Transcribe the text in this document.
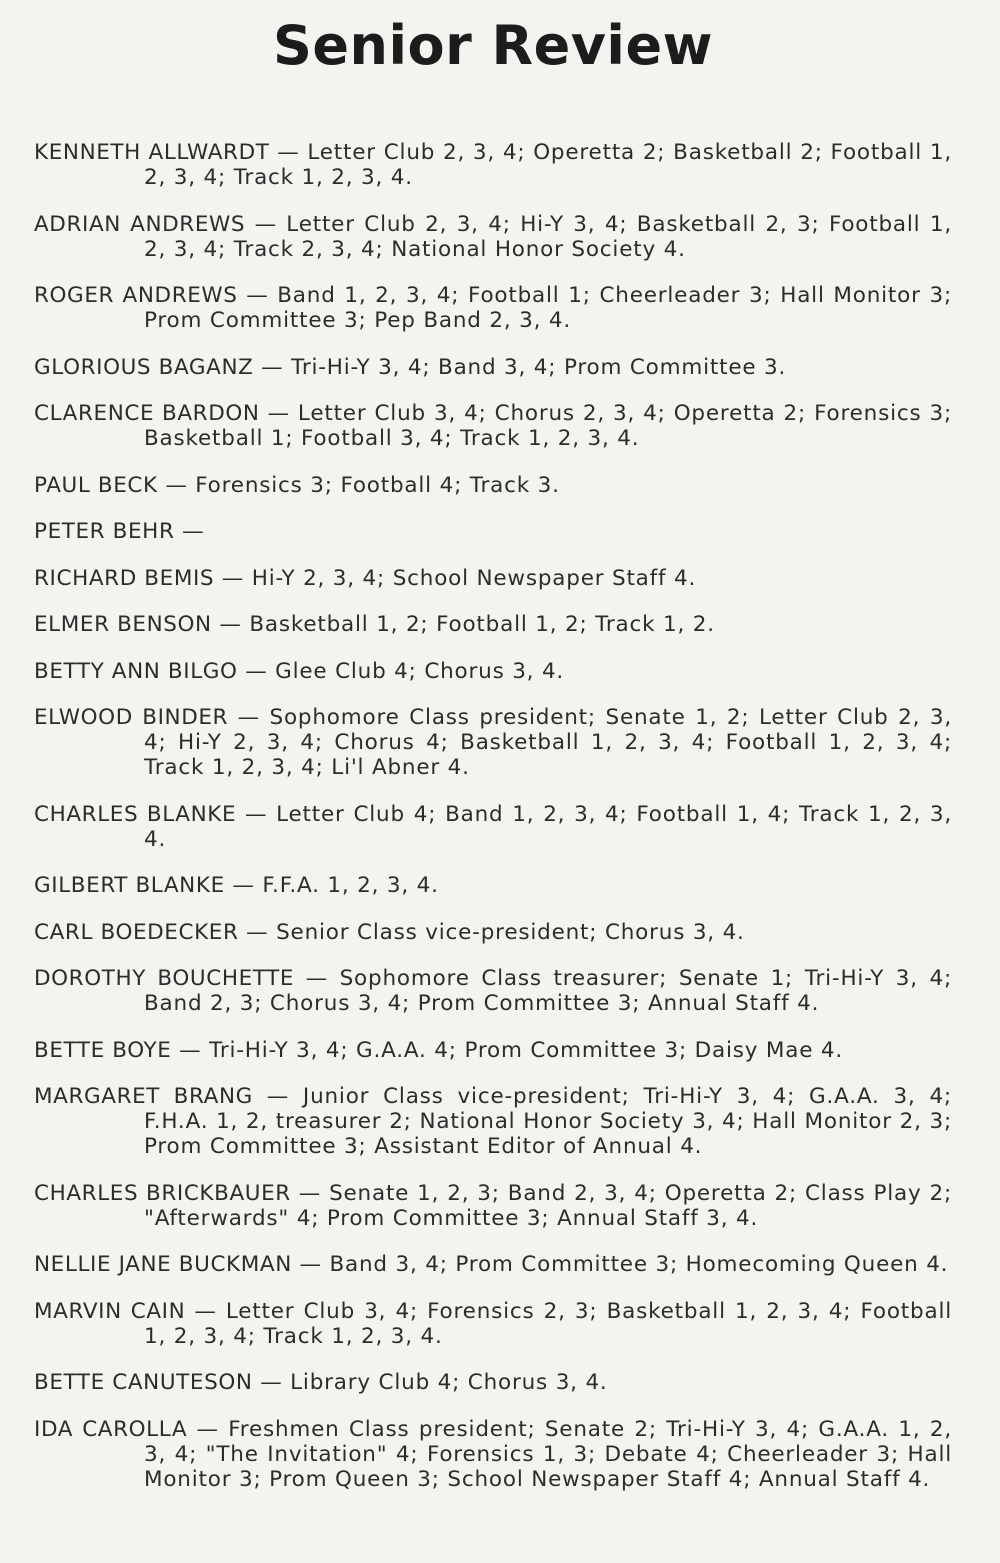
Senior Review

KENNETH ALLWARDT — Letter Club 2, 3, 4; Operetta 2; Basketball 2; Football 1, 2, 3, 4; Track 1, 2, 3, 4.

ADRIAN ANDREWS — Letter Club 2, 3, 4; Hi-Y 3, 4; Basketball 2, 3; Football 1, 2, 3, 4; Track 2, 3, 4; National Honor Society 4.

ROGER ANDREWS — Band 1, 2, 3, 4; Football 1; Cheerleader 3; Hall Monitor 3; Prom Committee 3; Pep Band 2, 3, 4.

GLORIOUS BAGANZ — Tri-Hi-Y 3, 4; Band 3, 4; Prom Committee 3.

CLARENCE BARDON — Letter Club 3, 4; Chorus 2, 3, 4; Operetta 2; Forensics 3; Basketball 1; Football 3, 4; Track 1, 2, 3, 4.

PAUL BECK — Forensics 3; Football 4; Track 3.

PETER BEHR —

RICHARD BEMIS — Hi-Y 2, 3, 4; School Newspaper Staff 4.

ELMER BENSON — Basketball 1, 2; Football 1, 2; Track 1, 2.

BETTY ANN BILGO — Glee Club 4; Chorus 3, 4.

ELWOOD BINDER — Sophomore Class president; Senate 1, 2; Letter Club 2, 3, 4; Hi-Y 2, 3, 4; Chorus 4; Basketball 1, 2, 3, 4; Football 1, 2, 3, 4; Track 1, 2, 3, 4; Li'l Abner 4.

CHARLES BLANKE — Letter Club 4; Band 1, 2, 3, 4; Football 1, 4; Track 1, 2, 3, 4.

GILBERT BLANKE — F.F.A. 1, 2, 3, 4.

CARL BOEDECKER — Senior Class vice-president; Chorus 3, 4.

DOROTHY BOUCHETTE — Sophomore Class treasurer; Senate 1; Tri-Hi-Y 3, 4; Band 2, 3; Chorus 3, 4; Prom Committee 3; Annual Staff 4.

BETTE BOYE — Tri-Hi-Y 3, 4; G.A.A. 4; Prom Committee 3; Daisy Mae 4.

MARGARET BRANG — Junior Class vice-president; Tri-Hi-Y 3, 4; G.A.A. 3, 4; F.H.A. 1, 2, treasurer 2; National Honor Society 3, 4; Hall Monitor 2, 3; Prom Committee 3; Assistant Editor of Annual 4.

CHARLES BRICKBAUER — Senate 1, 2, 3; Band 2, 3, 4; Operetta 2; Class Play 2; "Afterwards" 4; Prom Committee 3; Annual Staff 3, 4.

NELLIE JANE BUCKMAN — Band 3, 4; Prom Committee 3; Homecoming Queen 4.

MARVIN CAIN — Letter Club 3, 4; Forensics 2, 3; Basketball 1, 2, 3, 4; Football 1, 2, 3, 4; Track 1, 2, 3, 4.

BETTE CANUTESON — Library Club 4; Chorus 3, 4.

IDA CAROLLA — Freshmen Class president; Senate 2; Tri-Hi-Y 3, 4; G.A.A. 1, 2, 3, 4; "The Invitation" 4; Forensics 1, 3; Debate 4; Cheerleader 3; Hall Monitor 3; Prom Queen 3; School Newspaper Staff 4; Annual Staff 4.
